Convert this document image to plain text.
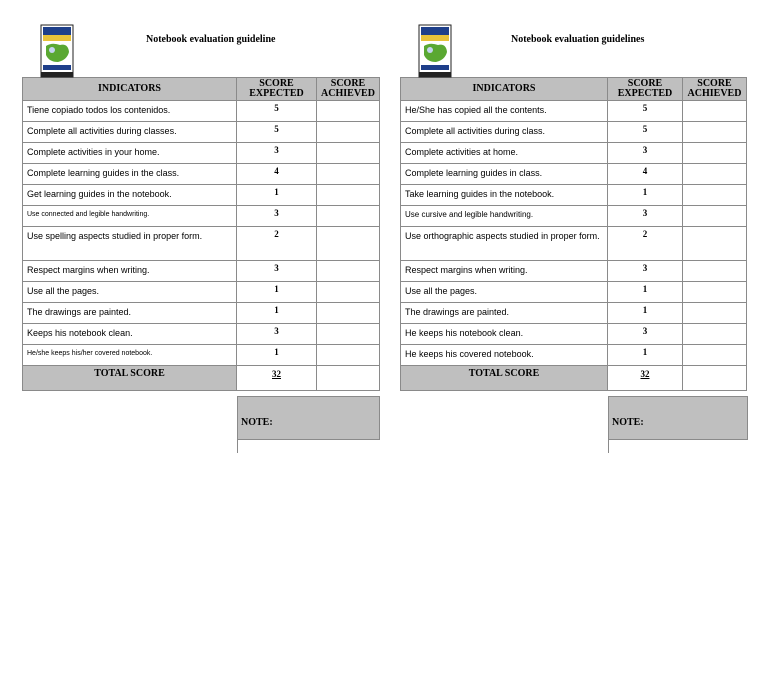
Notebook evaluation guideline
INDICATORS	SCORE EXPECTED	SCORE ACHIEVED
Tiene copiado todos los contenidos.	5	
Complete all activities during classes.	5	
Complete activities in your home.	3	
Complete learning guides in the class.	4	
Get learning guides in the notebook.	1	
Use connected and legible handwriting.	3	
Use spelling aspects studied in proper form.	2	
Respect margins when writing.	3	
Use all the pages.	1	
The drawings are painted.	1	
Keeps his notebook clean.	3	
He/she keeps his/her covered notebook.	1	
TOTAL SCORE	32	
NOTE:
Notebook evaluation guidelines
INDICATORS	SCORE EXPECTED	SCORE ACHIEVED
He/She has copied all the contents.	5	
Complete all activities during class.	5	
Complete activities at home.	3	
Complete learning guides in class.	4	
Take learning guides in the notebook.	1	
Use cursive and legible handwriting.	3	
Use orthographic aspects studied in proper form.	2	
Respect margins when writing.	3	
Use all the pages.	1	
The drawings are painted.	1	
He keeps his notebook clean.	3	
He keeps his covered notebook.	1	
TOTAL SCORE	32	
NOTE:
